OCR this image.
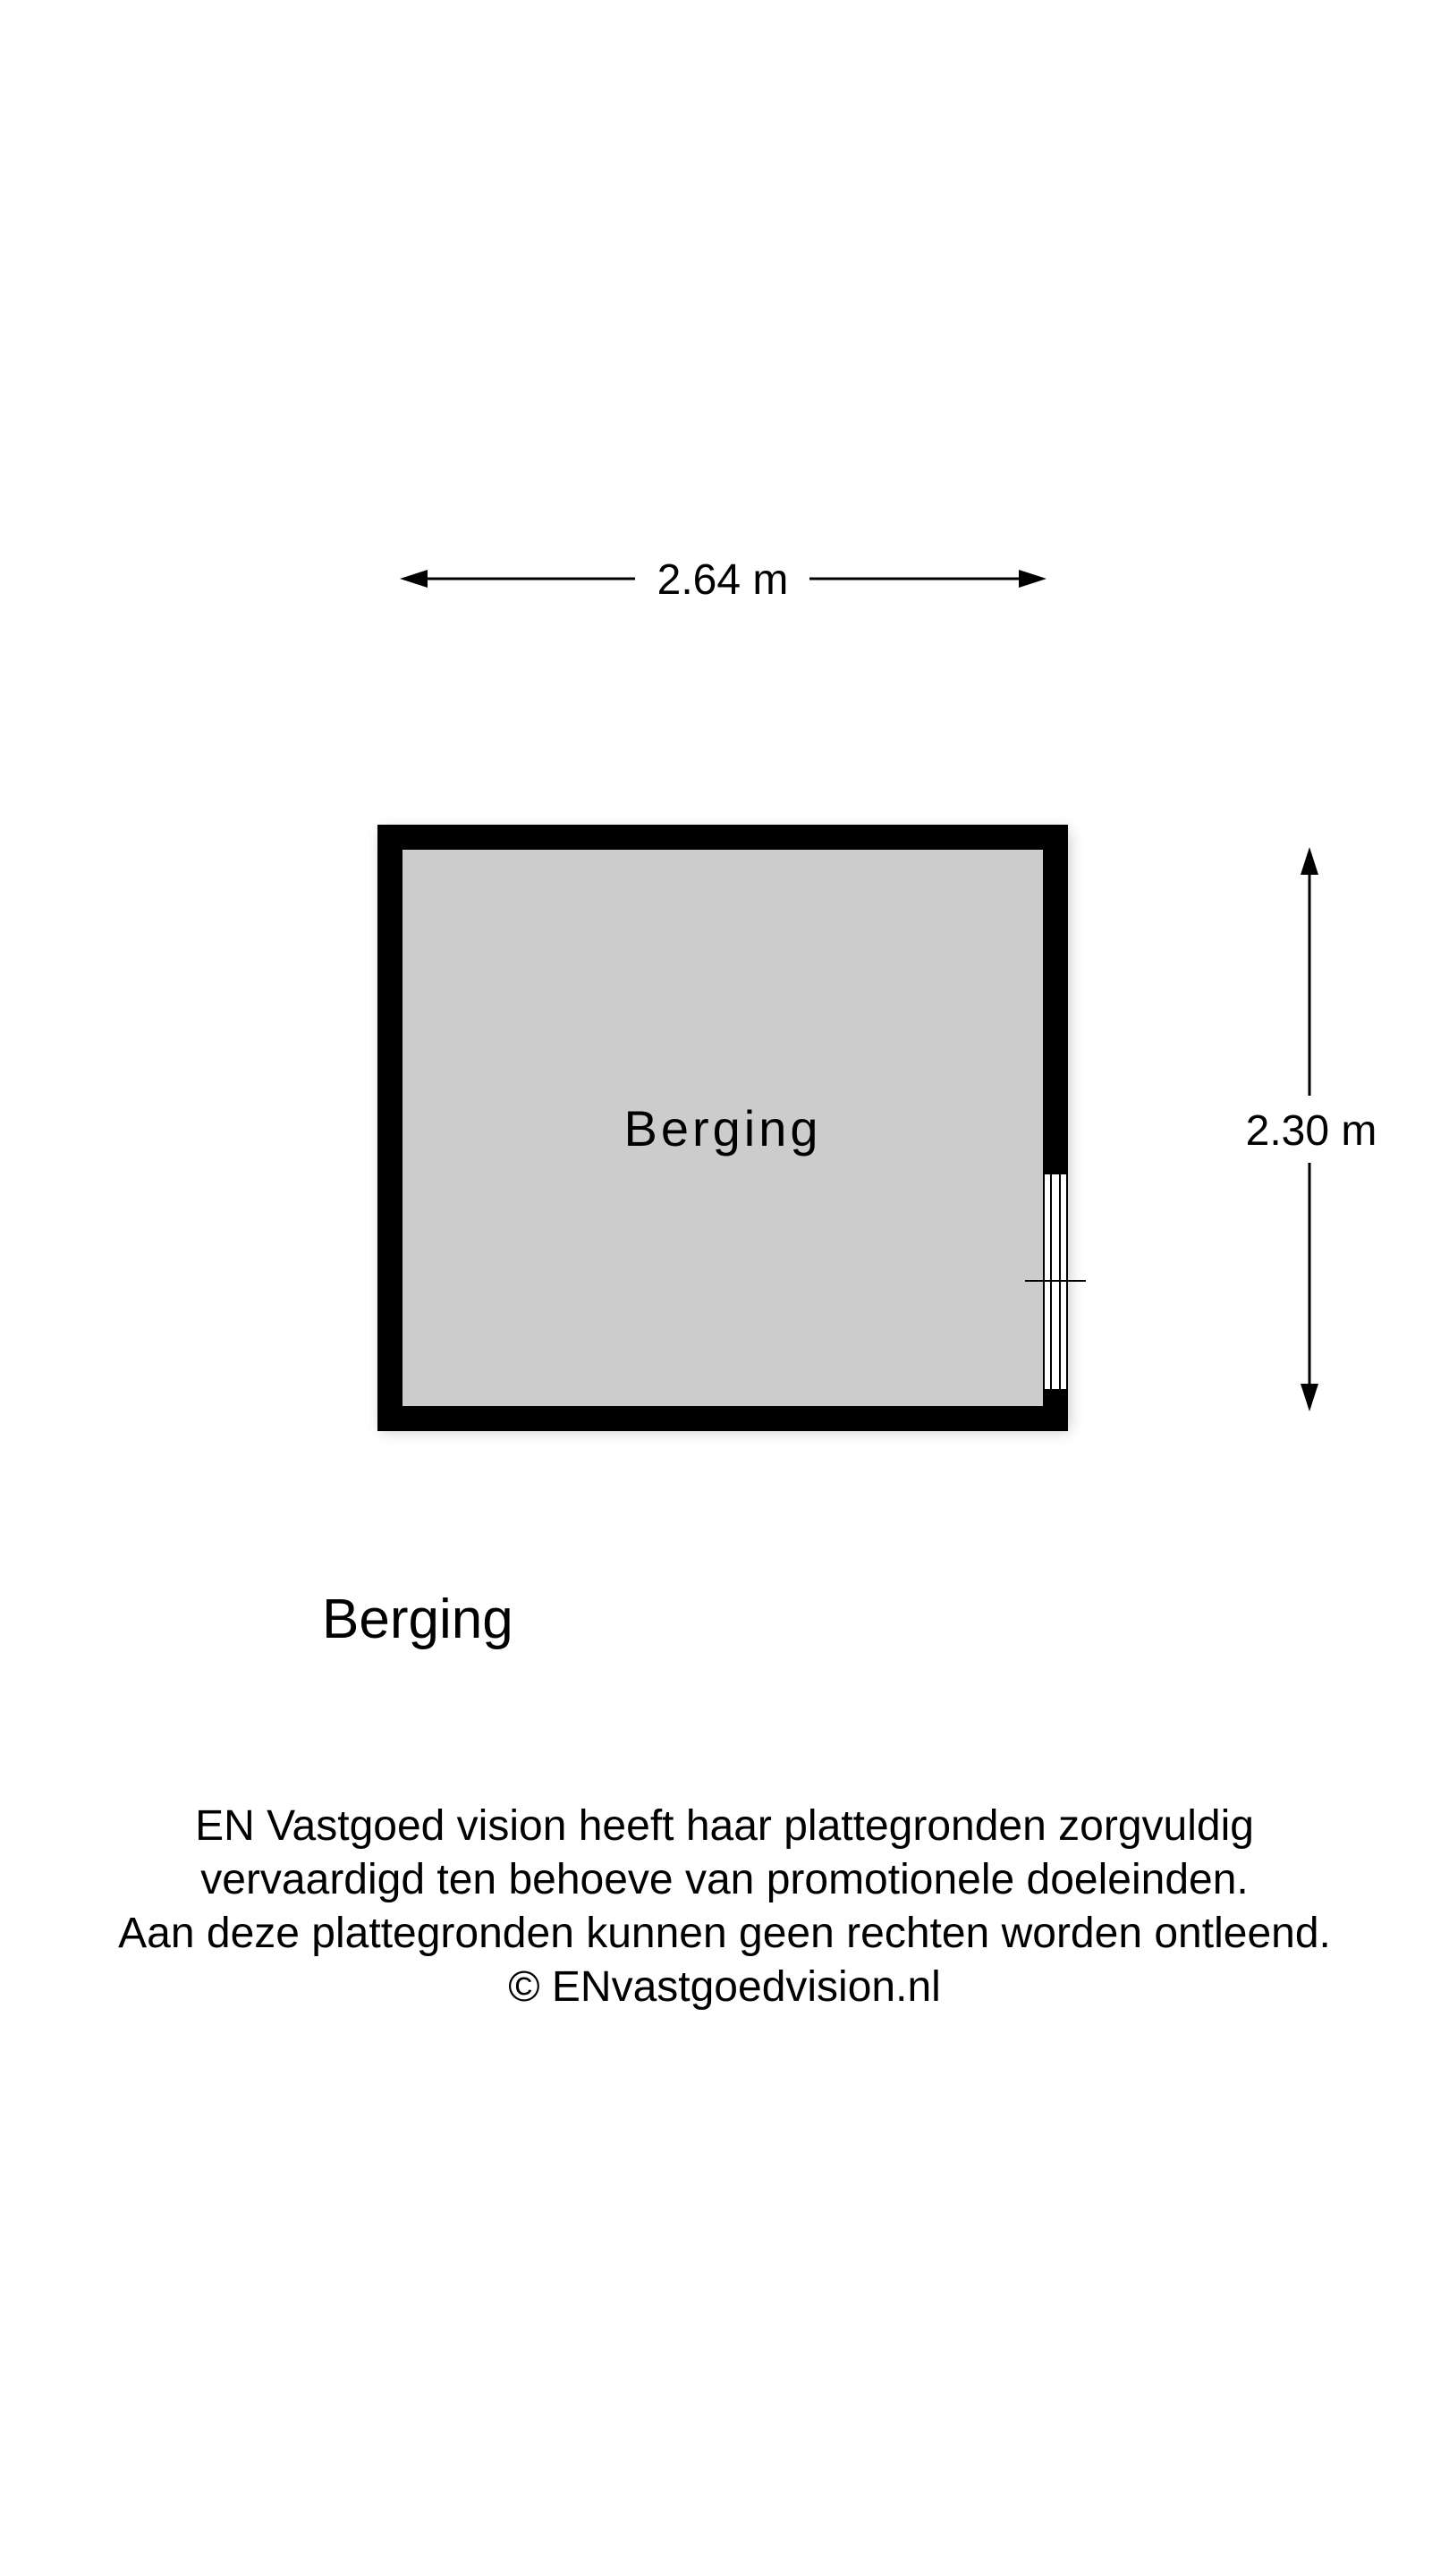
2.64 m
2.30 m
Berging
Berging
EN Vastgoed vision heeft haar plattegronden zorgvuldig
vervaardigd ten behoeve van promotionele doeleinden.
Aan deze plattegronden kunnen geen rechten worden ontleend.
© ENvastgoedvision.nl
